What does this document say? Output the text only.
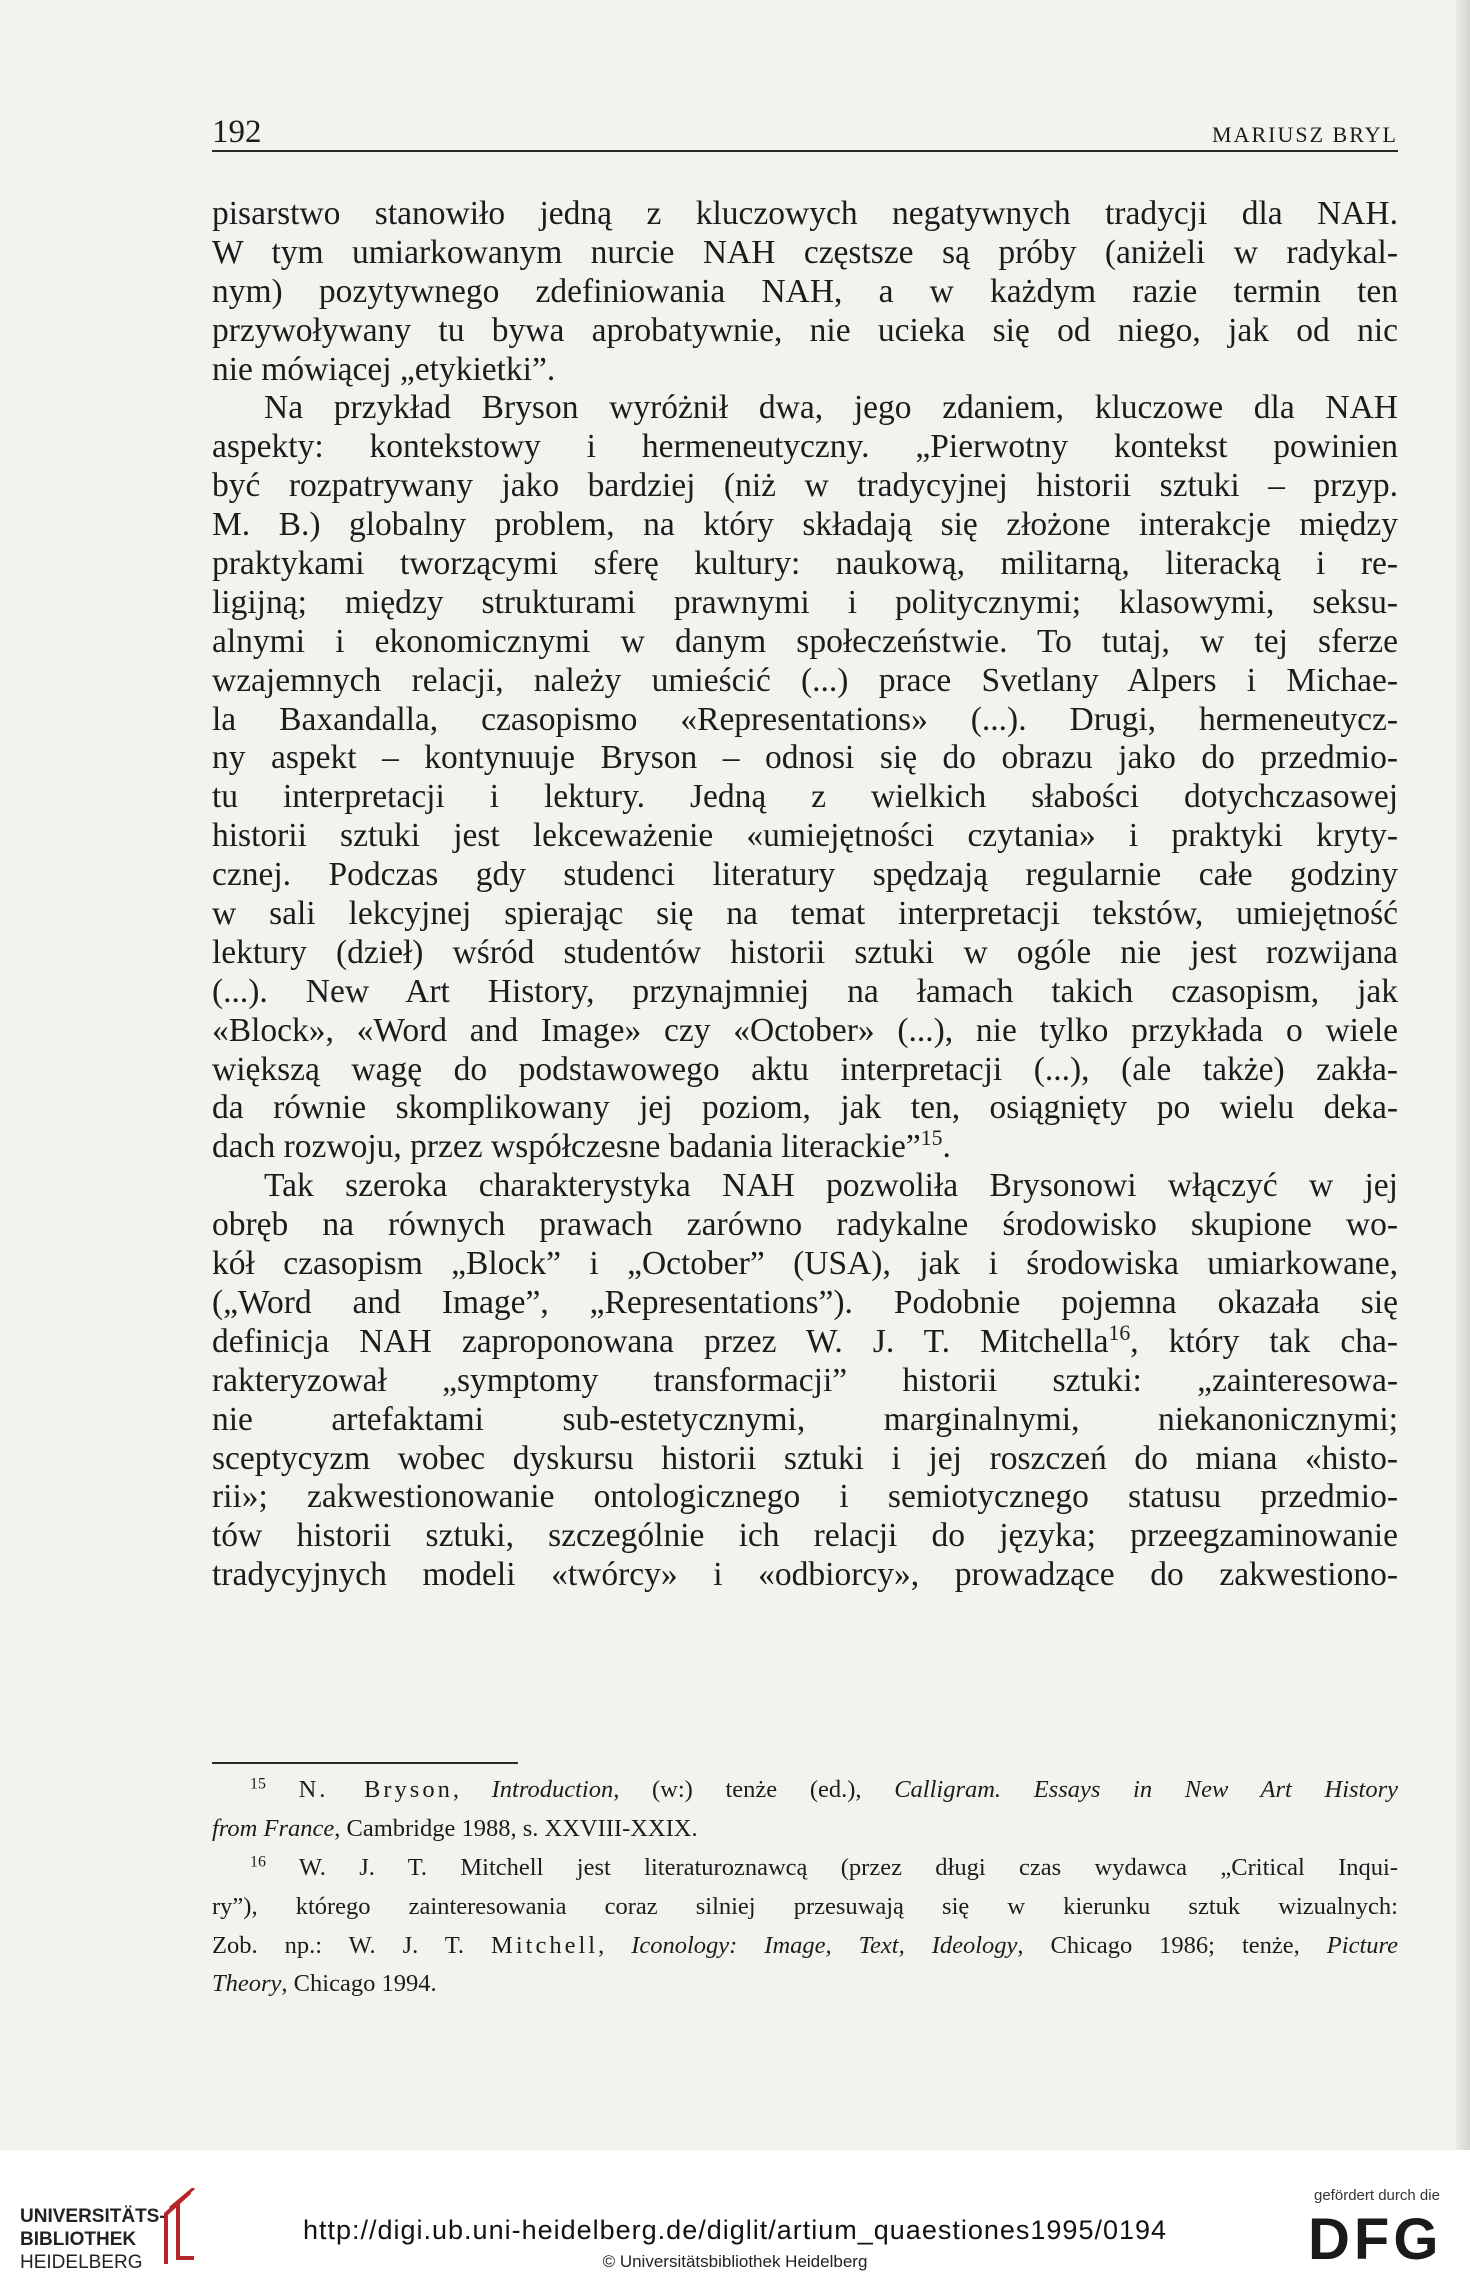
192	MARIUSZ BRYL
pisarstwo stanowiło jedną z kluczowych negatywnych tradycji dla NAH.
W tym umiarkowanym nurcie NAH częstsze są próby (aniżeli w radykal-
nym) pozytywnego zdefiniowania NAH, a w każdym razie termin ten
przywoływany tu bywa aprobatywnie, nie ucieka się od niego, jak od nic
nie mówiącej „etykietki”.
Na przykład Bryson wyróżnił dwa, jego zdaniem, kluczowe dla NAH
aspekty: kontekstowy i hermeneutyczny. „Pierwotny kontekst powinien
być rozpatrywany jako bardziej (niż w tradycyjnej historii sztuki – przyp.
M. B.) globalny problem, na który składają się złożone interakcje między
praktykami tworzącymi sferę kultury: naukową, militarną, literacką i re-
ligijną; między strukturami prawnymi i politycznymi; klasowymi, seksu-
alnymi i ekonomicznymi w danym społeczeństwie. To tutaj, w tej sferze
wzajemnych relacji, należy umieścić (...) prace Svetlany Alpers i Michae-
la Baxandalla, czasopismo «Representations» (...). Drugi, hermeneutycz-
ny aspekt – kontynuuje Bryson – odnosi się do obrazu jako do przedmio-
tu interpretacji i lektury. Jedną z wielkich słabości dotychczasowej
historii sztuki jest lekceważenie «umiejętności czytania» i praktyki kryty-
cznej. Podczas gdy studenci literatury spędzają regularnie całe godziny
w sali lekcyjnej spierając się na temat interpretacji tekstów, umiejętność
lektury (dzieł) wśród studentów historii sztuki w ogóle nie jest rozwijana
(...). New Art History, przynajmniej na łamach takich czasopism, jak
«Block», «Word and Image» czy «October» (...), nie tylko przykłada o wiele
większą wagę do podstawowego aktu interpretacji (...), (ale także) zakła-
da równie skomplikowany jej poziom, jak ten, osiągnięty po wielu deka-
dach rozwoju, przez współczesne badania literackie”$^{15}$.
Tak szeroka charakterystyka NAH pozwoliła Brysonowi włączyć w jej
obręb na równych prawach zarówno radykalne środowisko skupione wo-
kół czasopism „Block” i „October” (USA), jak i środowiska umiarkowane,
(„Word and Image”, „Representations”). Podobnie pojemna okazała się
definicja NAH zaproponowana przez W. J. T. Mitchella$^{16}$, który tak cha-
rakteryzował „symptomy transformacji” historii sztuki: „zainteresowa-
nie artefaktami sub-estetycznymi, marginalnymi, niekanonicznymi;
sceptycyzm wobec dyskursu historii sztuki i jej roszczeń do miana «histo-
rii»; zakwestionowanie ontologicznego i semiotycznego statusu przedmio-
tów historii sztuki, szczególnie ich relacji do języka; przeegzaminowanie
tradycyjnych modeli «twórcy» i «odbiorcy», prowadzące do zakwestiono-
$^{15}$ N. Bryson, Introduction, (w:) tenże (ed.), Calligram. Essays in New Art History
from France, Cambridge 1988, s. XXVIII-XXIX.
$^{16}$ W. J. T. Mitchell jest literaturoznawcą (przez długi czas wydawca „Critical Inqui-
ry”), którego zainteresowania coraz silniej przesuwają się w kierunku sztuk wizualnych:
Zob. np.: W. J. T. Mitchell, Iconology: Image, Text, Ideology, Chicago 1986; tenże, Picture
Theory, Chicago 1994.
UNIVERSITÄTS-
BIBLIOTHEK
HEIDELBERG
http://digi.ub.uni-heidelberg.de/diglit/artium_quaestiones1995/0194
© Universitätsbibliothek Heidelberg
gefördert durch die
DFG
